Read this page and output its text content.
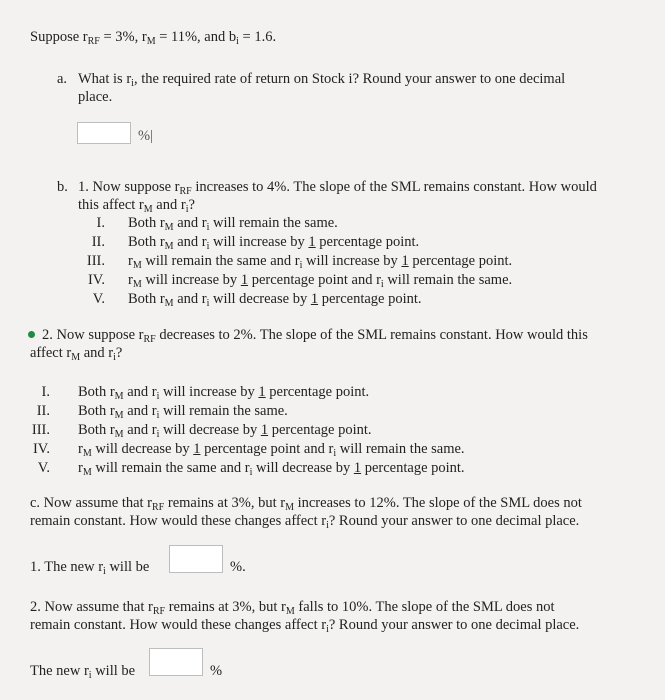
Suppose $r_{RF} = 3\%$, $r_M = 11\%$, and $b_i = 1.6$.
a. What is $r_i$, the required rate of return on Stock i? Round your answer to one decimal
place.
%|
b. 1. Now suppose $r_{RF}$ increases to 4%. The slope of the SML remains constant. How would
this affect $r_M$ and $r_i$?
I. Both $r_M$ and $r_i$ will remain the same.
II. Both $r_M$ and $r_i$ will increase by 1 percentage point.
III. $r_M$ will remain the same and $r_i$ will increase by 1 percentage point.
IV. $r_M$ will increase by 1 percentage point and $r_i$ will remain the same.
V. Both $r_M$ and $r_i$ will decrease by 1 percentage point.
2. Now suppose $r_{RF}$ decreases to 2%. The slope of the SML remains constant. How would this
affect $r_M$ and $r_i$?
I. Both $r_M$ and $r_i$ will increase by 1 percentage point.
II. Both $r_M$ and $r_i$ will remain the same.
III. Both $r_M$ and $r_i$ will decrease by 1 percentage point.
IV. $r_M$ will decrease by 1 percentage point and $r_i$ will remain the same.
V. $r_M$ will remain the same and $r_i$ will decrease by 1 percentage point.
c. Now assume that $r_{RF}$ remains at 3%, but $r_M$ increases to 12%. The slope of the SML does not
remain constant. How would these changes affect $r_i$? Round your answer to one decimal place.
1. The new $r_i$ will be	%.
2. Now assume that $r_{RF}$ remains at 3%, but $r_M$ falls to 10%. The slope of the SML does not
remain constant. How would these changes affect $r_i$? Round your answer to one decimal place.
The new $r_i$ will be	%
